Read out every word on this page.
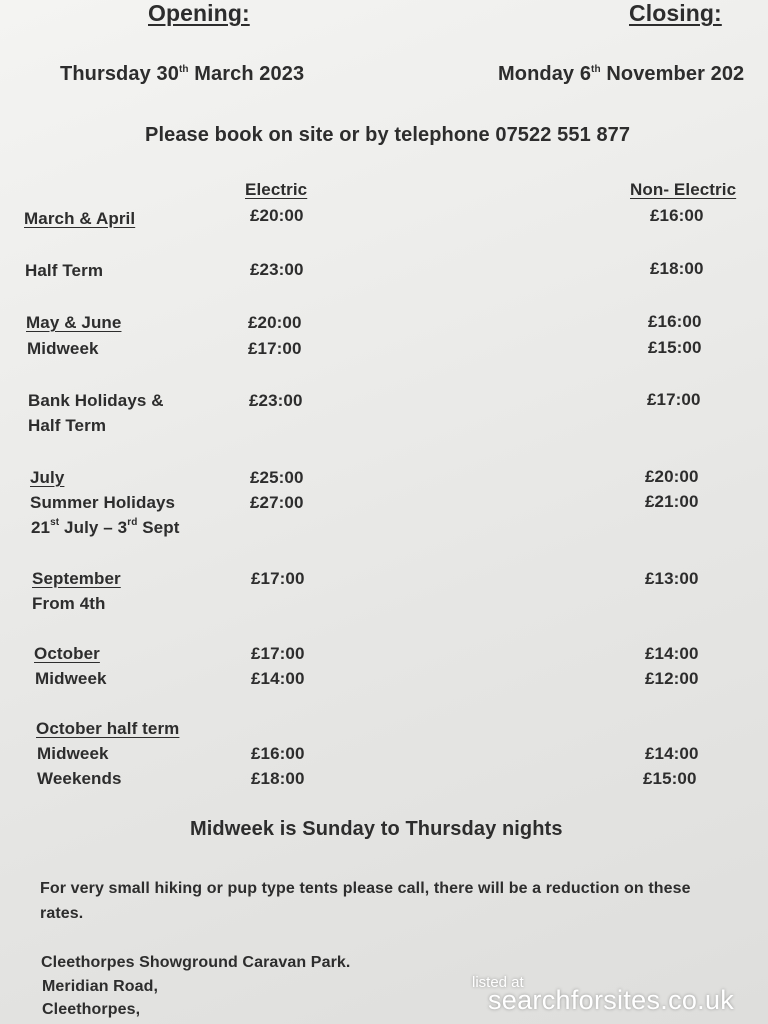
Opening:	Closing:
Thursday 30th March 2023	Monday 6th November 202
Please book on site or by telephone 07522 551 877
Electric	Non- Electric
March & April	£20:00	£16:00
Half Term	£23:00	£18:00
May & June	£20:00	£16:00
Midweek	£17:00	£15:00
Bank Holidays &
Half Term
£23:00	£17:00
July	£25:00	£20:00
Summer Holidays	£27:00	£21:00
21st July – 3rd Sept
September
From 4th
£17:00	£13:00
October	£17:00	£14:00
Midweek	£14:00	£12:00
October half term
Midweek	£16:00	£14:00
Weekends	£18:00	£15:00
Midweek is Sunday to Thursday nights
For very small hiking or pup type tents please call, there will be a reduction on these
rates.
Cleethorpes Showground Caravan Park.
Meridian Road,
Cleethorpes,
listed at
searchforsites.co.uk
